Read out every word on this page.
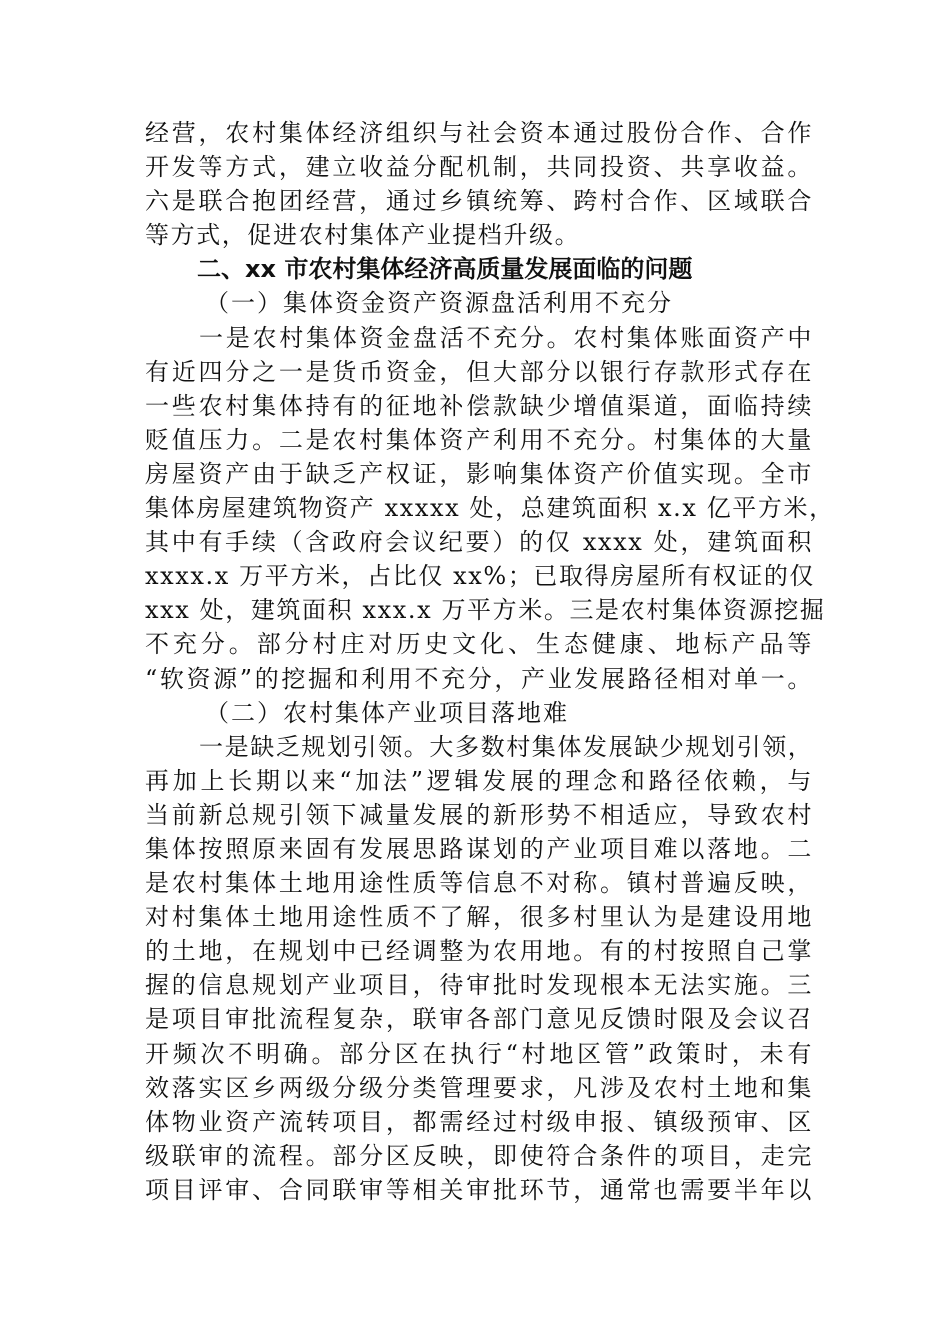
经营，农村集体经济组织与社会资本通过股份合作、合作
开发等方式，建立收益分配机制，共同投资、共享收益。
六是联合抱团经营，通过乡镇统筹、跨村合作、区域联合
等方式，促进农村集体产业提档升级。
二、xx 市农村集体经济高质量发展面临的问题
（一）集体资金资产资源盘活利用不充分
一是农村集体资金盘活不充分。农村集体账面资产中
有近四分之一是货币资金，但大部分以银行存款形式存在
一些农村集体持有的征地补偿款缺少增值渠道，面临持续
贬值压力。二是农村集体资产利用不充分。村集体的大量
房屋资产由于缺乏产权证，影响集体资产价值实现。全市
集体房屋建筑物资产 xxxxx 处，总建筑面积 x.x 亿平方米，
其中有手续（含政府会议纪要）的仅 xxxx 处，建筑面积
xxxx.x 万平方米，占比仅 xx%；已取得房屋所有权证的仅
xxx 处，建筑面积 xxx.x 万平方米。三是农村集体资源挖掘
不充分。部分村庄对历史文化、生态健康、地标产品等
“软资源”的挖掘和利用不充分，产业发展路径相对单一。
（二）农村集体产业项目落地难
一是缺乏规划引领。大多数村集体发展缺少规划引领，
再加上长期以来“加法”逻辑发展的理念和路径依赖，与
当前新总规引领下减量发展的新形势不相适应，导致农村
集体按照原来固有发展思路谋划的产业项目难以落地。二
是农村集体土地用途性质等信息不对称。镇村普遍反映，
对村集体土地用途性质不了解，很多村里认为是建设用地
的土地，在规划中已经调整为农用地。有的村按照自己掌
握的信息规划产业项目，待审批时发现根本无法实施。三
是项目审批流程复杂，联审各部门意见反馈时限及会议召
开频次不明确。部分区在执行“村地区管”政策时，未有
效落实区乡两级分级分类管理要求，凡涉及农村土地和集
体物业资产流转项目，都需经过村级申报、镇级预审、区
级联审的流程。部分区反映，即使符合条件的项目，走完
项目评审、合同联审等相关审批环节，通常也需要半年以
